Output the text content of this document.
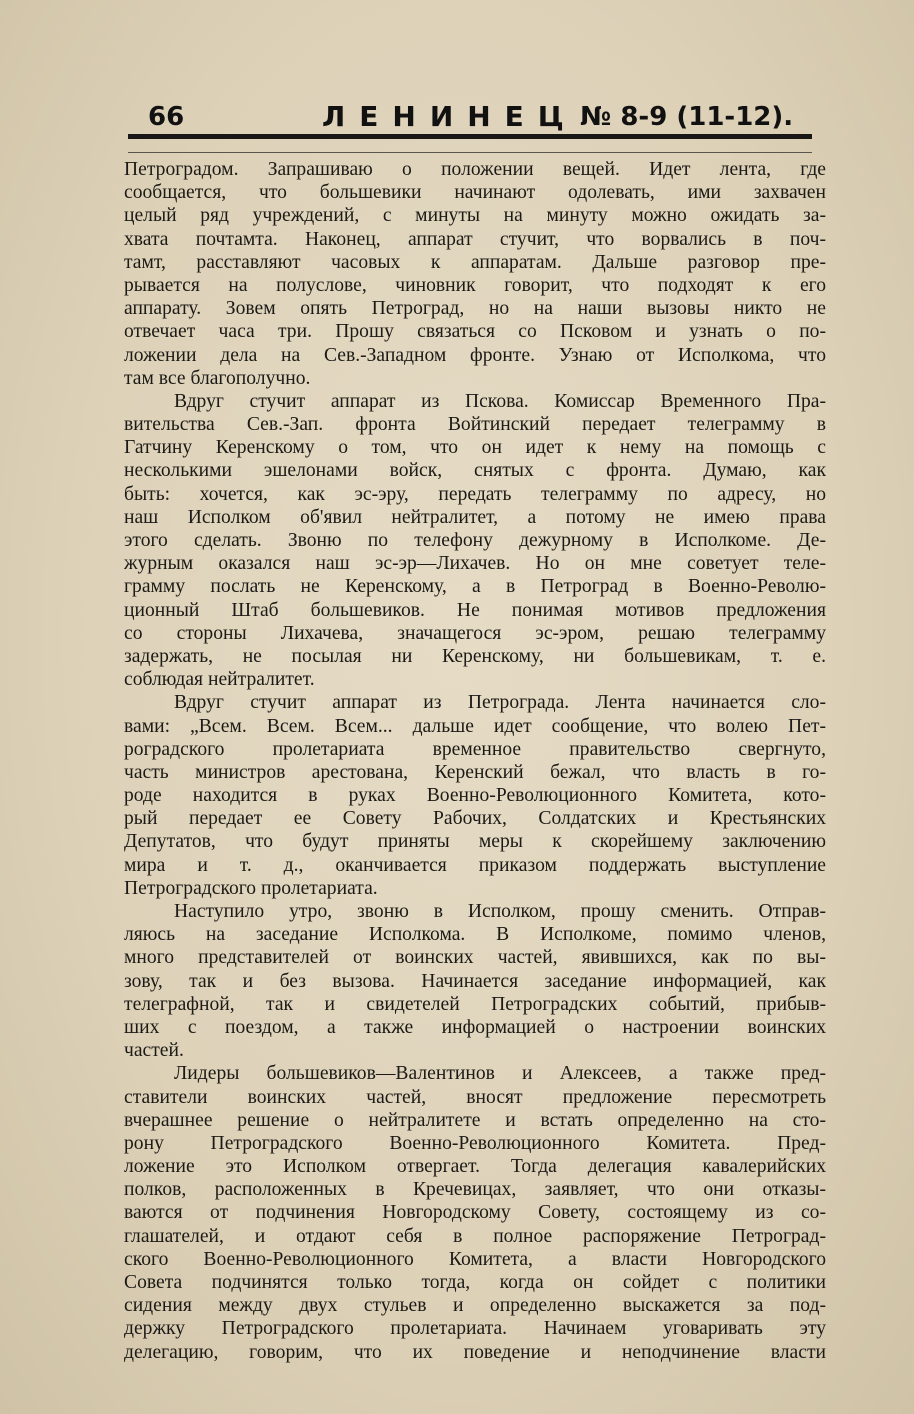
66	ЛЕНИНЕЦ № 8-9 (11-12).
Петроградом. Запрашиваю о положении вещей. Идет лента, где
сообщается, что большевики начинают одолевать, ими захвачен
целый ряд учреждений, с минуты на минуту можно ожидать за-
хвата почтамта. Наконец, аппарат стучит, что ворвались в поч-
тамт, расставляют часовых к аппаратам. Дальше разговор пре-
рывается на полуслове, чиновник говорит, что подходят к его
аппарату. Зовем опять Петроград, но на наши вызовы никто не
отвечает часа три. Прошу связаться со Псковом и узнать о по-
ложении дела на Сев.-Западном фронте. Узнаю от Исполкома, что
там все благополучно.
Вдруг стучит аппарат из Пскова. Комиссар Временного Пра-
вительства Сев.-Зап. фронта Войтинский передает телеграмму в
Гатчину Керенскому о том, что он идет к нему на помощь с
несколькими эшелонами войск, снятых с фронта. Думаю, как
быть: хочется, как эс-эру, передать телеграмму по адресу, но
наш Исполком об'явил нейтралитет, а потому не имею права
этого сделать. Звоню по телефону дежурному в Исполкоме. Де-
журным оказался наш эс-эр—Лихачев. Но он мне советует теле-
грамму послать не Керенскому, а в Петроград в Военно-Револю-
ционный Штаб большевиков. Не понимая мотивов предложения
со стороны Лихачева, значащегося эс-эром, решаю телеграмму
задержать, не посылая ни Керенскому, ни большевикам, т. е.
соблюдая нейтралитет.
Вдруг стучит аппарат из Петрограда. Лента начинается сло-
вами: „Всем. Всем. Всем... дальше идет сообщение, что волею Пет-
роградского пролетариата временное правительство свергнуто,
часть министров арестована, Керенский бежал, что власть в го-
роде находится в руках Военно-Революционного Комитета, кото-
рый передает ее Совету Рабочих, Солдатских и Крестьянских
Депутатов, что будут приняты меры к скорейшему заключению
мира и т. д., оканчивается приказом поддержать выступление
Петроградского пролетариата.
Наступило утро, звоню в Исполком, прошу сменить. Отправ-
ляюсь на заседание Исполкома. В Исполкоме, помимо членов,
много представителей от воинских частей, явившихся, как по вы-
зову, так и без вызова. Начинается заседание информацией, как
телеграфной, так и свидетелей Петроградских событий, прибыв-
ших с поездом, а также информацией о настроении воинских
частей.
Лидеры большевиков—Валентинов и Алексеев, а также пред-
ставители воинских частей, вносят предложение пересмотреть
вчерашнее решение о нейтралитете и встать определенно на сто-
рону Петроградского Военно-Революционного Комитета. Пред-
ложение это Исполком отвергает. Тогда делегация кавалерийских
полков, расположенных в Кречевицах, заявляет, что они отказы-
ваются от подчинения Новгородскому Совету, состоящему из со-
глашателей, и отдают себя в полное распоряжение Петроград-
ского Военно-Революционного Комитета, а власти Новгородского
Совета подчинятся только тогда, когда он сойдет с политики
сидения между двух стульев и определенно выскажется за под-
держку Петроградского пролетариата. Начинаем уговаривать эту
делегацию, говорим, что их поведение и неподчинение власти
